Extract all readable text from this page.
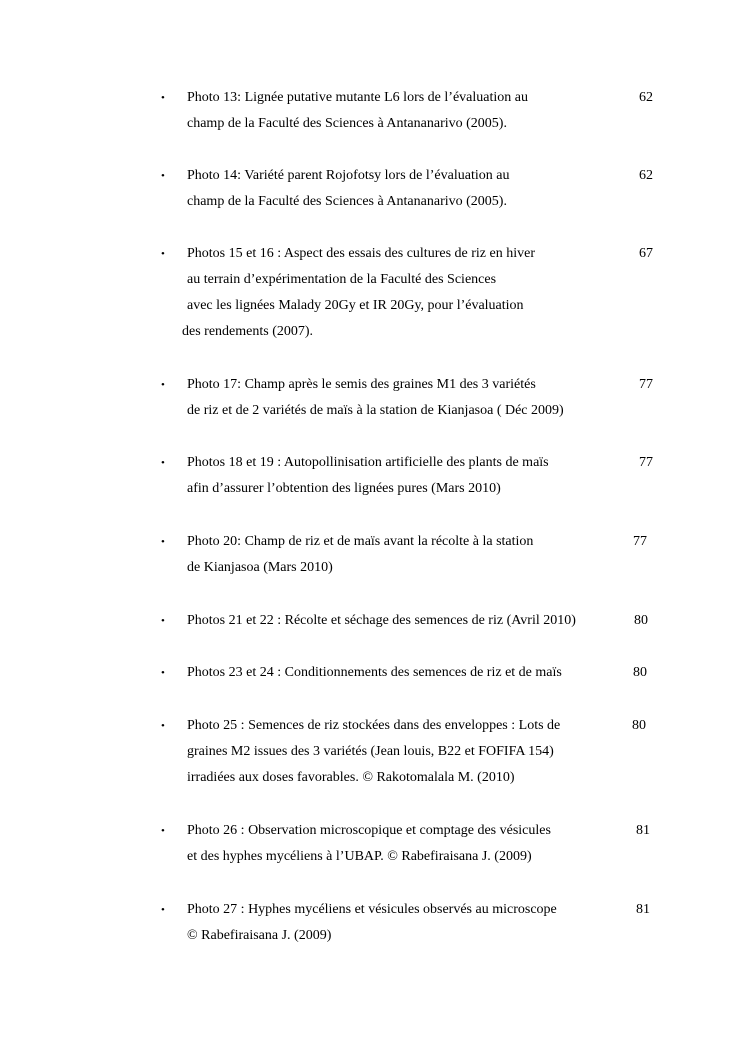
• Photo 13: Lignée putative mutante L6 lors de l’évaluation au
champ de la Faculté des Sciences à Antananarivo (2005).
62
• Photo 14: Variété parent Rojofotsy lors de l’évaluation au
champ de la Faculté des Sciences à Antananarivo (2005).
62
• Photos 15 et 16 : Aspect des essais des cultures de riz en hiver
au terrain d’expérimentation de la Faculté des Sciences
avec les lignées Malady 20Gy et IR 20Gy, pour l’évaluation
des rendements (2007).
67
• Photo 17: Champ après le semis des graines M1 des 3 variétés
de riz et de 2 variétés de maïs à la station de Kianjasoa ( Déc 2009)
77
• Photos 18 et 19 : Autopollinisation artificielle des plants de maïs
afin d’assurer l’obtention des lignées pures (Mars 2010)
77
• Photo 20: Champ de riz et de maïs avant la récolte à la station
de Kianjasoa (Mars 2010)
77
• Photos 21 et 22 : Récolte et séchage des semences de riz (Avril 2010)	80
• Photos 23 et 24 : Conditionnements des semences de riz et de maïs	80
• Photo 25 : Semences de riz stockées dans des enveloppes : Lots de
graines M2 issues des 3 variétés (Jean louis, B22 et FOFIFA 154)
irradiées aux doses favorables. © Rakotomalala M. (2010)
80
• Photo 26 : Observation microscopique et comptage des vésicules
et des hyphes mycéliens à l’UBAP. © Rabefiraisana J. (2009)
81
• Photo 27 : Hyphes mycéliens et vésicules observés au microscope
© Rabefiraisana J. (2009)
81
